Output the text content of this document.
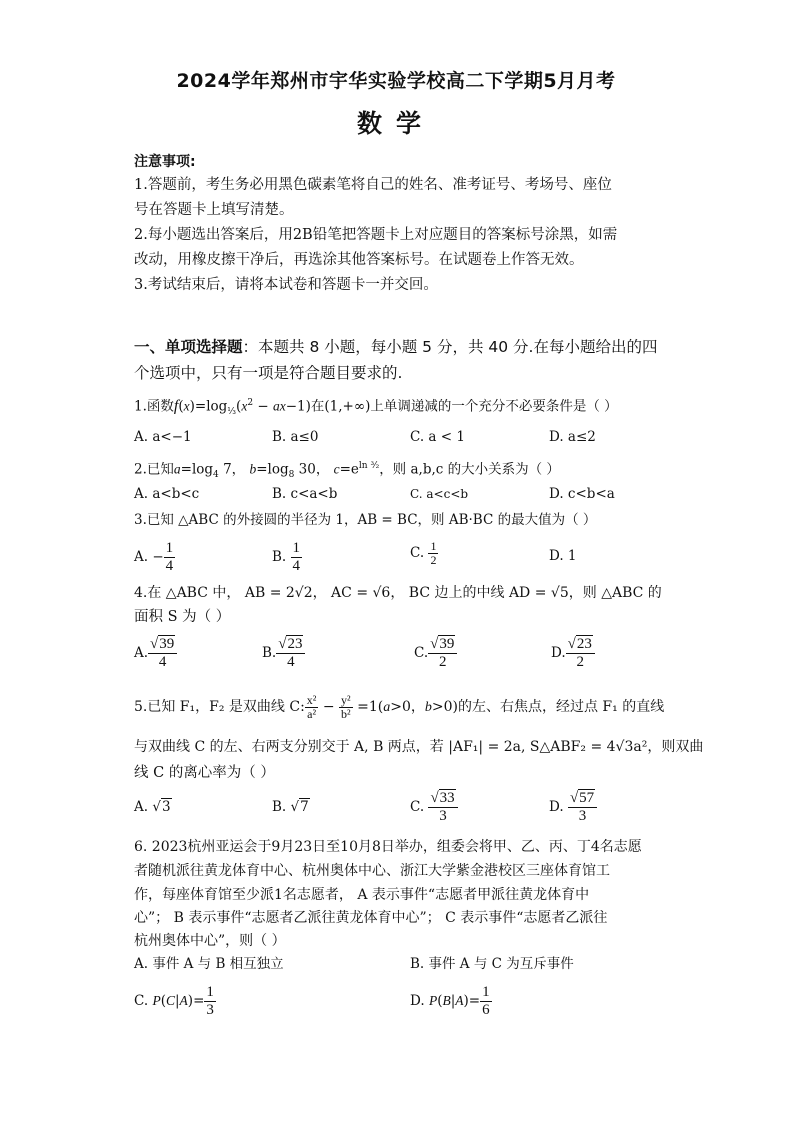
2024学年郑州市宇华实验学校高二下学期5月月考
数学
注意事项:
1.答题前，考生务必用黑色碳素笔将自己的姓名、准考证号、考场号、座位
号在答题卡上填写清楚。
2.每小题选出答案后，用2B铅笔把答题卡上对应题目的答案标号涂黑，如需
改动，用橡皮擦干净后，再选涂其他答案标号。在试题卷上作答无效。
3.考试结束后，请将本试卷和答题卡一并交回。
一、单项选择题：本题共 8 小题，每小题 5 分，共 40 分.在每小题给出的四
个选项中，只有一项是符合题目要求的.
1.函数$f(x)=\log_{\frac{1}{3}}(x^2 - ax-1)$在(1,+∞)上单调递减的一个充分不必要条件是（ ）
A. a<−1	B. a≤0	C. a < 1	D. a≤2
2.已知$a=\log_4$ 7， $b=\log_8$ 30， $c=e^{ln ^3⁄_2}$，则 a,b,c 的大小关系为（ ）
A. a<b<c	B. c<a<b	C. a<c<b	D. c<b<a
3.已知 △ABC 的外接圆的半径为 1，AB = BC，则 AB·BC 的最大值为（ ）
A. − $\frac{1}{4}$	B. $\frac{1}{4}$	C. $\frac{1}{2}$	D. 1
4.在 △ABC 中， AB = 2√2， AC = √6， BC 边上的中线 AD = √5，则 △ABC 的
面积 S 为（ ）
A. $\frac{√39}{4}$	B. $\frac{√23}{4}$	C. $\frac{√39}{2}$	D. $\frac{√23}{2}$
5.已知 F₁，F₂ 是双曲线 C: $\frac{\text{x²}}{\text{a²}} - \frac{\text{y²}}{\text{b²}} =1(a>0$，b>0)的左、右焦点，经过点 F₁ 的直线
与双曲线 C 的左、右两支分别交于 A, B 两点，若 |AF₁| = 2a, S△ABF₂ = 4√3a²，则双曲
线 C 的离心率为（ ）
A. √3	B. √7	C. $\frac{√33}{3}$	D. $\frac{√57}{3}$
6. 2023杭州亚运会于9月23日至10月8日举办，组委会将甲、乙、丙、丁4名志愿
者随机派往黄龙体育中心、杭州奥体中心、浙江大学紫金港校区三座体育馆工
作，每座体育馆至少派1名志愿者， A 表示事件“志愿者甲派往黄龙体育中
心”； B 表示事件“志愿者乙派往黄龙体育中心”； C 表示事件“志愿者乙派往
杭州奥体中心”，则（ ）
A. 事件 A 与 B 相互独立	B. 事件 A 与 C 为互斥事件
C. $P(C|A)= \frac{1}{3}$	D. $P(B|A)= \frac{1}{6}$
